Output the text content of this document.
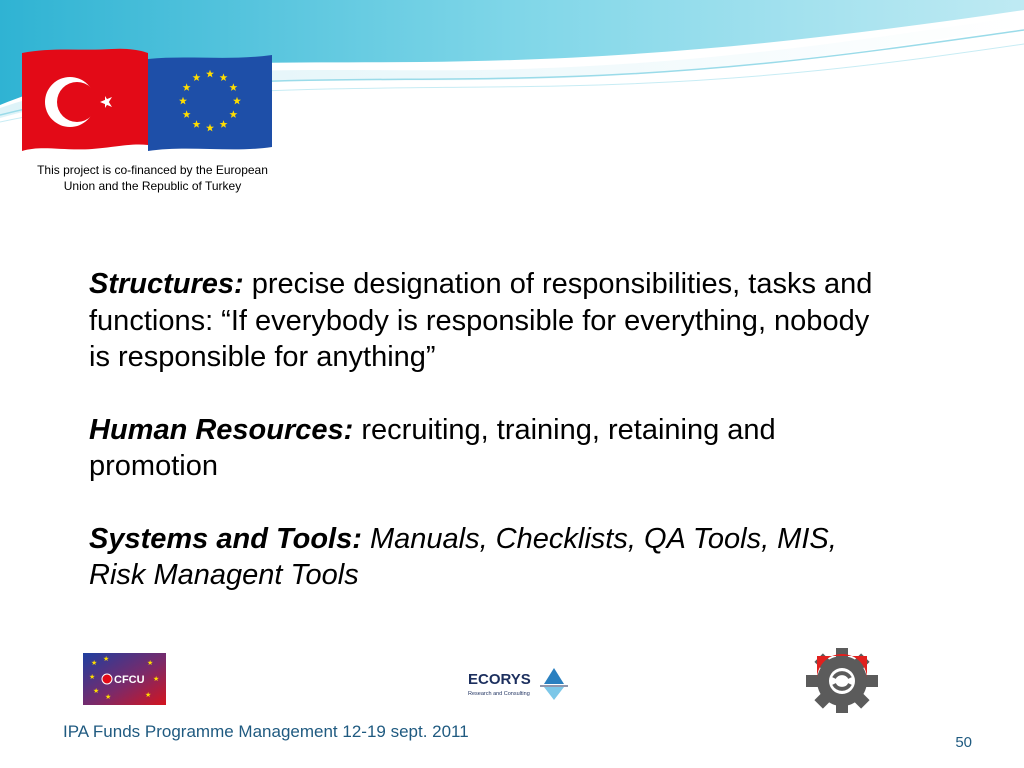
This project is co-financed by the European Union and the Republic of Turkey

Structures: precise designation of responsibilities, tasks and functions: “If everybody is responsible for everything, nobody is responsible for anything”

Human Resources: recruiting, training, retaining and promotion

Systems and Tools: Manuals, Checklists, QA Tools, MIS, Risk Managent Tools

★ ★
★
★
★
★
★
★
CFCU	ECORYS
Research and Consulting
IPA Funds Programme Management 12-19 sept. 2011
50
